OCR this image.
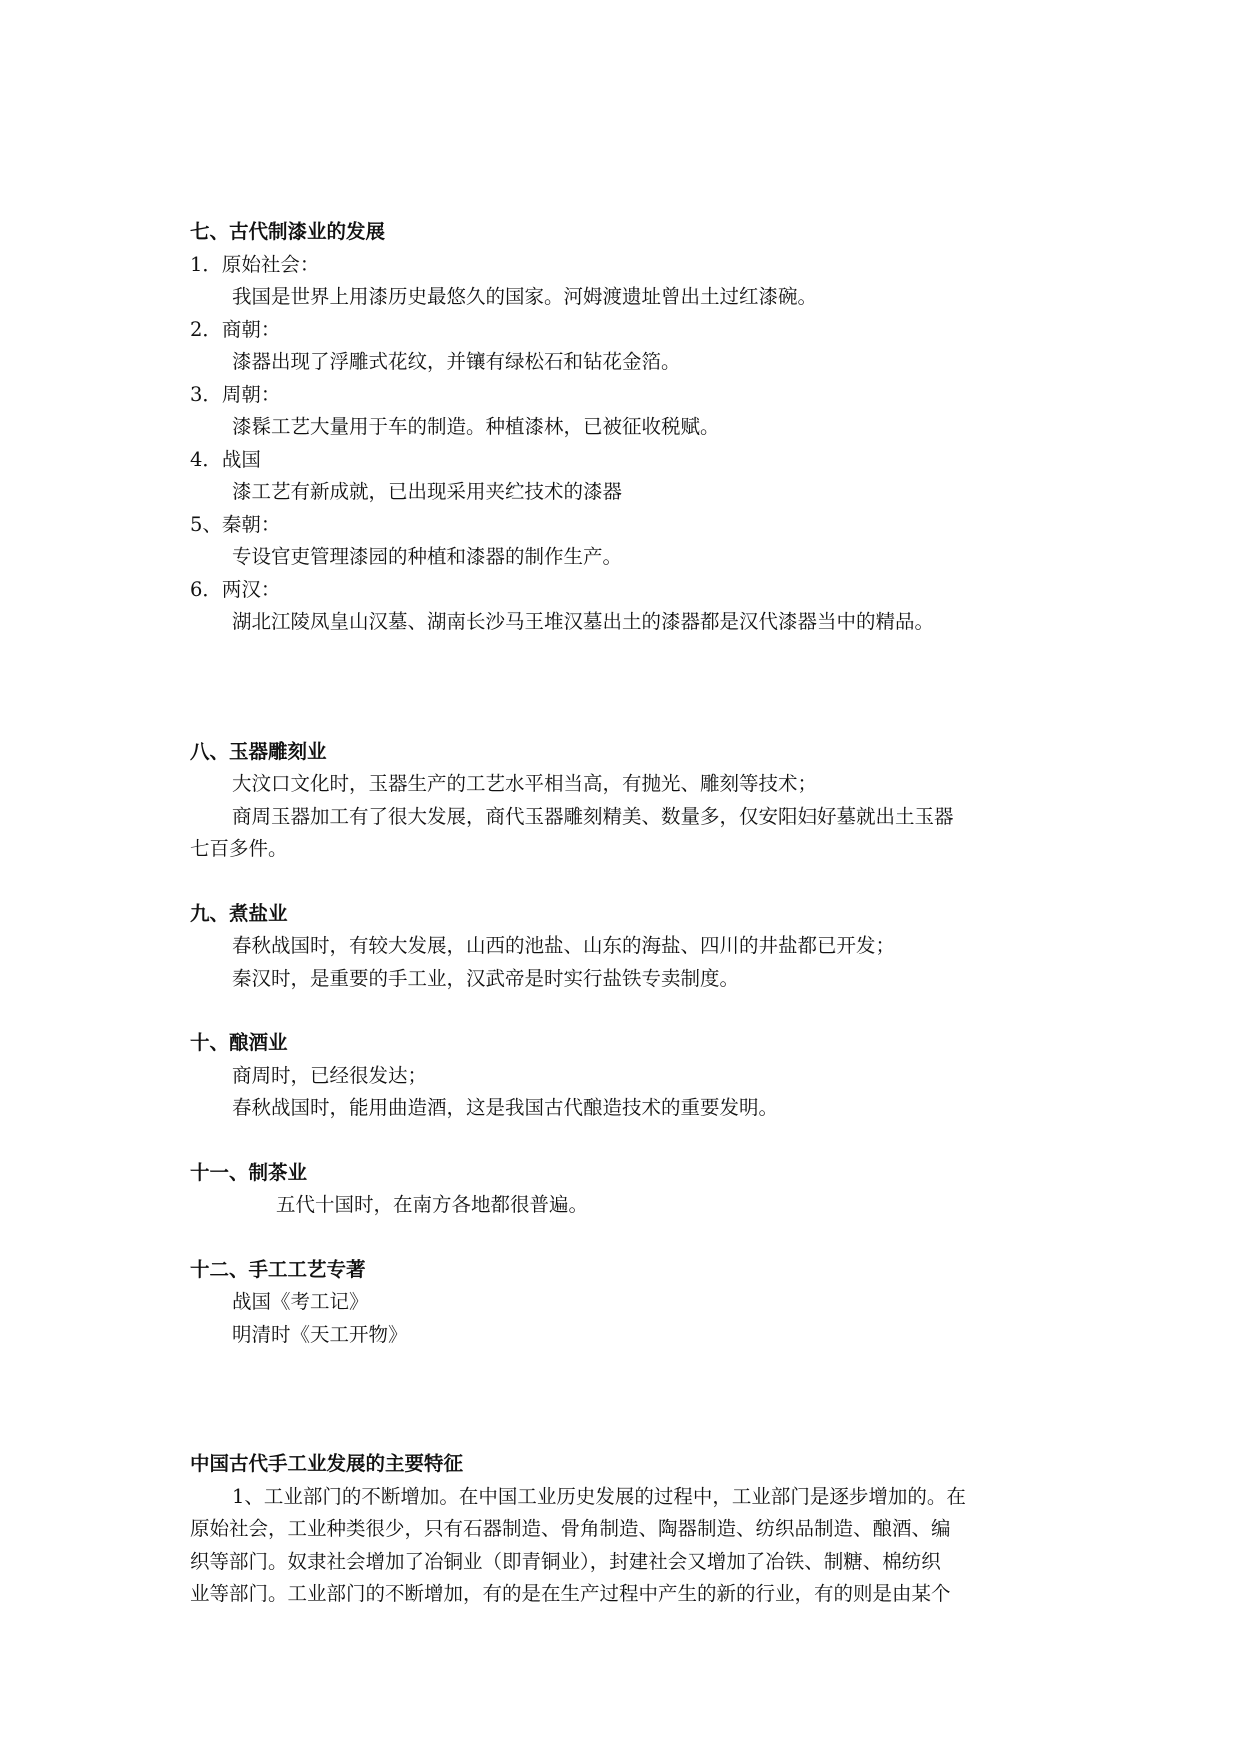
七、古代制漆业的发展
1．原始社会：
我国是世界上用漆历史最悠久的国家。河姆渡遗址曾出土过红漆碗。
2．商朝：
漆器出现了浮雕式花纹，并镶有绿松石和钻花金箔。
3．周朝：
漆髹工艺大量用于车的制造。种植漆林，已被征收税赋。
4．战国
漆工艺有新成就，已出现采用夹纻技术的漆器
5、秦朝：
专设官吏管理漆园的种植和漆器的制作生产。
6．两汉：
湖北江陵凤皇山汉墓、湖南长沙马王堆汉墓出土的漆器都是汉代漆器当中的精品。
八、玉器雕刻业
大汶口文化时，玉器生产的工艺水平相当高，有抛光、雕刻等技术；
商周玉器加工有了很大发展，商代玉器雕刻精美、数量多，仅安阳妇好墓就出土玉器
七百多件。
九、煮盐业
春秋战国时，有较大发展，山西的池盐、山东的海盐、四川的井盐都已开发；
秦汉时，是重要的手工业，汉武帝是时实行盐铁专卖制度。
十、酿酒业
商周时，已经很发达；
春秋战国时，能用曲造酒，这是我国古代酿造技术的重要发明。
十一、制茶业
五代十国时，在南方各地都很普遍。
十二、手工工艺专著
战国《考工记》
明清时《天工开物》
中国古代手工业发展的主要特征
1、工业部门的不断增加。在中国工业历史发展的过程中，工业部门是逐步增加的。在
原始社会，工业种类很少，只有石器制造、骨角制造、陶器制造、纺织品制造、酿酒、编
织等部门。奴隶社会增加了冶铜业（即青铜业），封建社会又增加了冶铁、制糖、棉纺织
业等部门。工业部门的不断增加，有的是在生产过程中产生的新的行业，有的则是由某个
